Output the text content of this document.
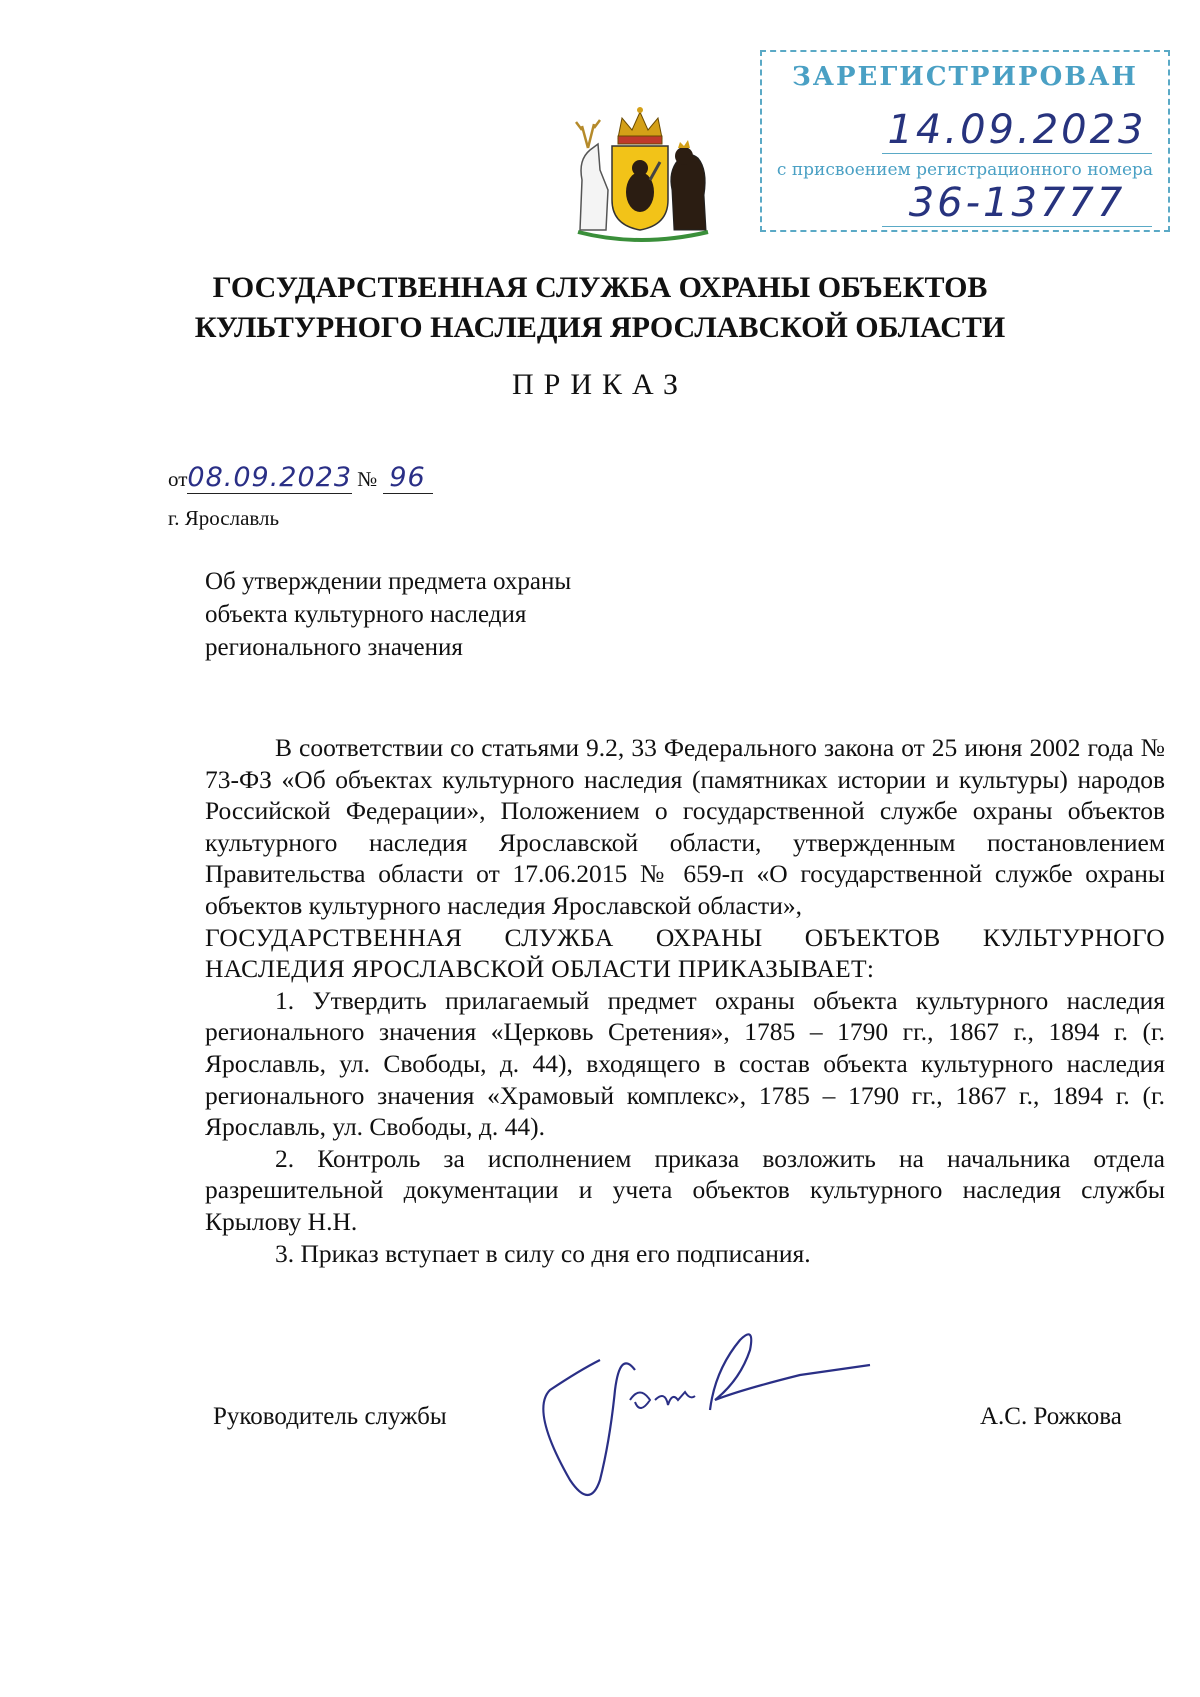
ЗАРЕГИСТРИРОВАН
14.09.2023
с присвоением регистрационного номера
36-13777
ГОСУДАРСТВЕННАЯ СЛУЖБА ОХРАНЫ ОБЪЕКТОВ
КУЛЬТУРНОГО НАСЛЕДИЯ ЯРОСЛАВСКОЙ ОБЛАСТИ
ПРИКАЗ
от08.09.2023 № 96
г. Ярославль
Об утверждении предмета охраны
объекта культурного наследия
регионального значения

В соответствии со статьями 9.2, 33 Федерального закона от 25 июня 2002 года № 73-ФЗ «Об объектах культурного наследия (памятниках истории и культуры) народов Российской Федерации», Положением о государственной службе охраны объектов культурного наследия Ярославской области, утвержденным постановлением Правительства области от 17.06.2015 № 659-п «О государственной службе охраны объектов культурного наследия Ярославской области»,

ГОСУДАРСТВЕННАЯ СЛУЖБА ОХРАНЫ ОБЪЕКТОВ КУЛЬТУРНОГО НАСЛЕДИЯ ЯРОСЛАВСКОЙ ОБЛАСТИ ПРИКАЗЫВАЕТ:

1. Утвердить прилагаемый предмет охраны объекта культурного наследия регионального значения «Церковь Сретения», 1785 – 1790 гг., 1867 г., 1894 г. (г. Ярославль, ул. Свободы, д. 44), входящего в состав объекта культурного наследия регионального значения «Храмовый комплекс», 1785 – 1790 гг., 1867 г., 1894 г. (г. Ярославль, ул. Свободы, д. 44).

2. Контроль за исполнением приказа возложить на начальника отдела разрешительной документации и учета объектов культурного наследия службы Крылову Н.Н.

3. Приказ вступает в силу со дня его подписания.

Руководитель службы	А.С. Рожкова
